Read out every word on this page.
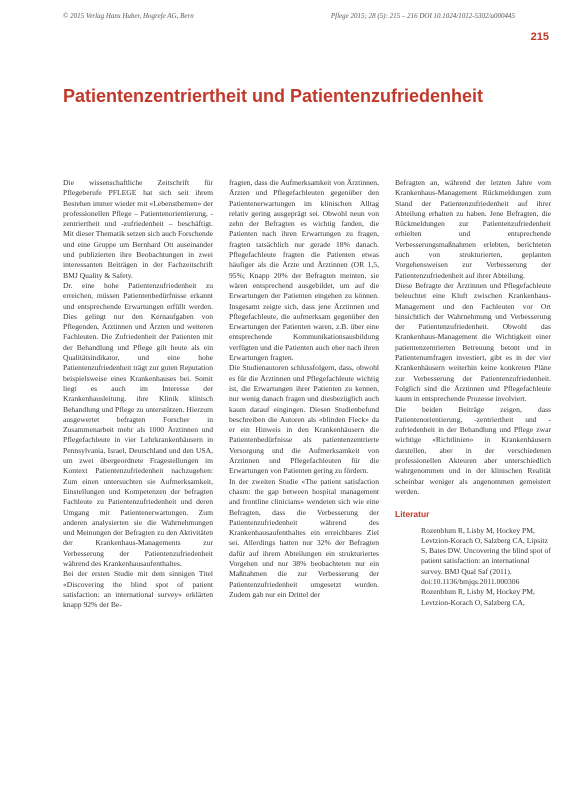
© 2015 Verlag Hans Huber, Hogrefe AG, Bern	Pflege 2015; 28 (5): 215 – 216 DOI 10.1024/1012-5302/a000445
215
Patientenzentriertheit und Patientenzufriedenheit

Die wissenschaftliche Zeitschrift für Pflegeberufe PFLEGE hat sich seit ihrem Bestehen immer wieder mit «Lebensthemen» der professionellen Pflege – Patientenorientierung, -zentriertheit und -zufriedenheit – beschäftigt. Mit dieser Thematik setzen sich auch Forschende und eine Gruppe um Bernhard Ott auseinander und publizierten ihre Beobachtungen in zwei interessanten Beiträgen in der Fachzeitschrift BMJ Quality & Safety.

Dr. eine hohe Patientenzufriedenheit zu erreichen, müssen Patientenbedürfnisse erkannt und entsprechende Erwartungen erfüllt werden. Dies gelingt nur den Kernaufgaben von Pflegenden, Ärztinnen und Ärzten und weiteren Fachleuten. Die Zufriedenheit der Patienten mit der Behandlung und Pflege gilt heute als ein Qualitätsindikator, und eine hohe Patientenzufriedenheit trägt zur guten Reputation beispielsweise eines Krankenhauses bei. Somit liegt es auch im Interesse der Krankenhausleitung, ihre Klinik klinisch Behandlung und Pflege zu unterstützen. Hierzum ausgewertet befragten Forscher in Zusammenarbeit mehr als 1000 Ärztinnen und Pflegefachleute in vier Lehrkrankenhäusern in Pennsylvania, Israel, Deutschland und den USA, um zwei übergeordnete Fragestellungen im Kontext Patientenzufriedenheit nachzugehen: Zum einen untersuchten sie Aufmerksamkeit, Einstellungen und Kompetenzen der befragten Fachleute zu Patientenzufriedenheit und deren Umgang mit Patientenerwartungen. Zum anderen analysierten sie die Wahrnehmungen und Meinungen der Befragten zu den Aktivitäten der Krankenhaus-Managements zur Verbesserung der Patientenzufriedenheit während des Krankenhausaufenthaltes.

Bei der ersten Studie mit dem sinnigen Titel «Discovering the blind spot of patient satisfaction: an international survey» erklärten knapp 92% der Be-

fragten, dass die Aufmerksamkeit von Ärztinnen, Ärzten und Pflegefachleuten gegenüber den Patientenerwartungen im klinischen Alltag relativ gering ausgeprägt sei. Obwohl neun von zehn der Befragten es wichtig fanden, die Patienten nach ihren Erwartungen zu fragen, fragten tatsächlich nur gerade 18% danach. Pflegefachleute fragten die Patienten etwas häufiger als die Ärzte und Ärztinnen (OR 1,5, 95%; Knapp 20% der Befragten meinten, sie wären entsprechend ausgebildet, um auf die Erwartungen der Patienten eingehen zu können. Insgesamt zeigte sich, dass jene Ärztinnen und Pflegefachleute, die aufmerksam gegenüber den Erwartungen der Patienten waren, z.B. über eine entsprechende Kommunikationsausbildung verfügten und die Patienten auch eher nach ihren Erwartungen fragten.

Die Studienautoren schlussfolgern, dass, obwohl es für die Ärztinnen und Pflegefachleute wichtig ist, die Erwartungen ihrer Patienten zu kennen, nur wenig danach fragen und diesbezüglich auch kaum darauf eingingen. Diesen Studienbefund beschreiben die Autoren als «blinden Fleck» da er ein Hinweis in den Krankenhäusern die Patientenbedürfnisse als patientenzentrierte Versorgung und die Aufmerksamkeit von Ärztinnen und Pflegefachleuten für die Erwartungen von Patienten gering zu fördern.

In der zweiten Studie «The patient satisfaction chasm: the gap between hospital management and frontline clinicians» wendeten sich wie eine Befragten, dass die Verbesserung der Patientenzufriedenheit während des Krankenhausaufenthaltes ein erreichbares Ziel sei. Allerdings hatten nur 32% der Befragten dafür auf ihrem Abteilungen ein strukturiertes Vorgehen und nur 38% beobachteten nur ein Maßnahmen die zur Verbesserung der Patientenzufriedenheit umgesetzt wurden. Zudem gab nur ein Drittel der

Befragten an, während der letzten Jahre vom Krankenhaus-Management Rückmeldungen zum Stand der Patientenzufriedenheit auf ihrer Abteilung erhalten zu haben. Jene Befragten, die Rückmeldungen zur Patientenzufriedenheit erhielten und entsprechende Verbesserungsmaßnahmen erlebten, berichteten auch von strukturierten, geplanten Vorgehensweisen zur Verbesserung der Patientenzufriedenheit auf ihrer Abteilung.

Diese Befragte der Ärztinnen und Pflegefachleute beleuchtet eine Kluft zwischen Krankenhaus-Management und den Fachleuten vor Ort hinsichtlich der Wahrnehmung und Verbesserung der Patientenzufriedenheit. Obwohl das Krankenhaus-Management die Wichtigkeit einer patientenzentrierten Betreuung betont und in Patientenumfragen investiert, gibt es in der vier Krankenhäusern weiterhin keine konkreten Pläne zur Verbesserung der Patientenzufriedenheit. Folglich sind die Ärztinnen und Pflegefachleute kaum in entsprechende Prozesse involviert.

Die beiden Beiträge zeigen, dass Patientenorientierung, -zentriertheit und -zufriedenheit in der Behandlung und Pflege zwar wichtige «Richtlinien» in Krankenhäusern darstellen, aber in der verschiedenen professionellen Akteuren aber unterschiedlich wahrgenommen und in der klinischen Realität scheinbar weniger als angenommen gemeistert werden.

Literatur

Rozenblum R, Lisby M, Hockey PM, Levtzion-Korach O, Salzberg CA, Lipsitz S, Bates DW. Uncovering the blind spot of patient satisfaction: an international survey. BMJ Qual Saf (2011). doi:10.1136/bmjqs.2011.000306

Rozenblum R, Lisby M, Hockey PM, Levtzion-Korach O, Salzberg CA,
